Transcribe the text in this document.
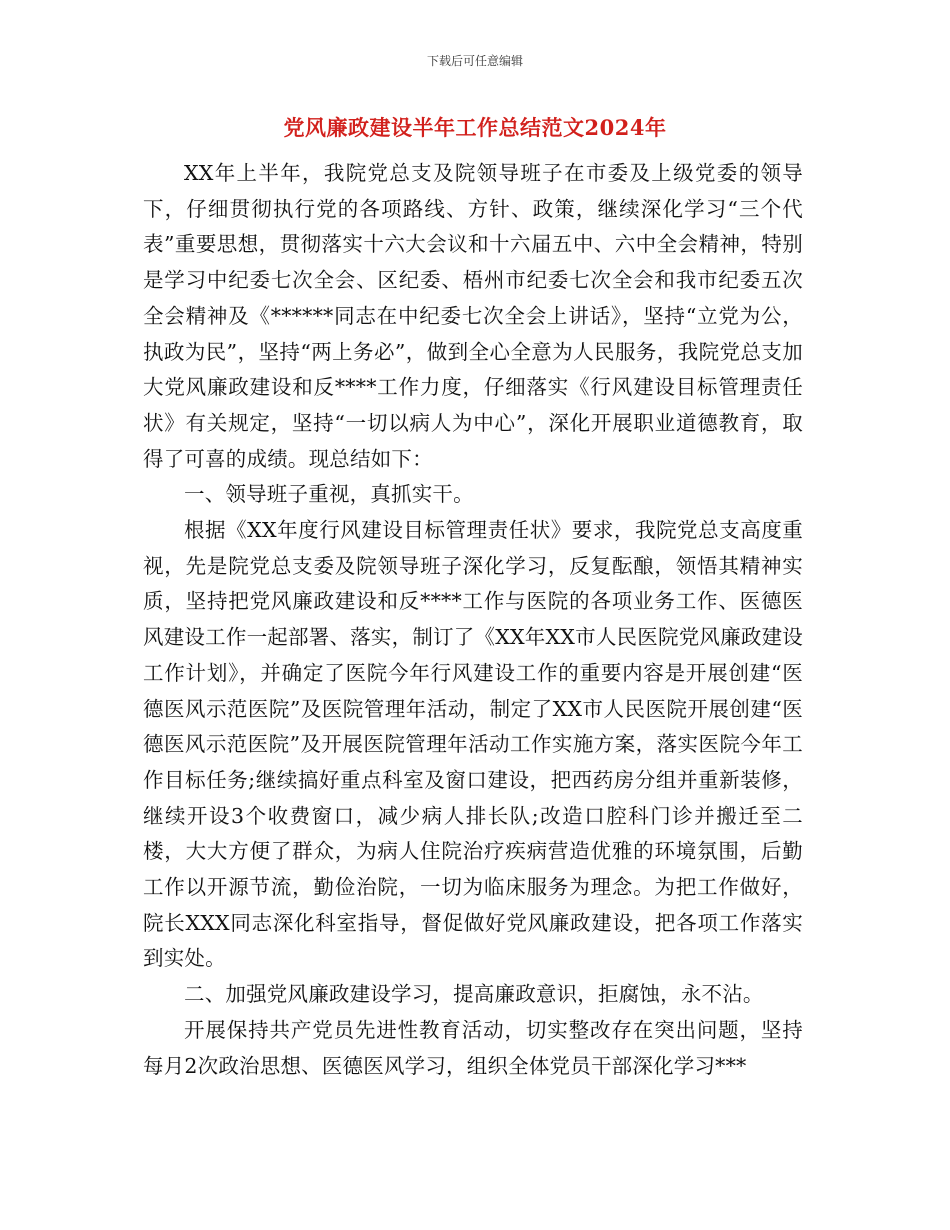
下载后可任意编辑
党风廉政建设半年工作总结范文2024年

XX年上半年，我院党总支及院领导班子在市委及上级党委的领导下，仔细贯彻执行党的各项路线、方针、政策，继续深化学习“三个代表”重要思想，贯彻落实十六大会议和十六届五中、六中全会精神，特别是学习中纪委七次全会、区纪委、梧州市纪委七次全会和我市纪委五次全会精神及《******同志在中纪委七次全会上讲话》，坚持“立党为公，执政为民”，坚持“两上务必”，做到全心全意为人民服务，我院党总支加大党风廉政建设和反****工作力度，仔细落实《行风建设目标管理责任状》有关规定，坚持“一切以病人为中心”，深化开展职业道德教育，取得了可喜的成绩。现总结如下：

一、领导班子重视，真抓实干。

根据《XX年度行风建设目标管理责任状》要求，我院党总支高度重视，先是院党总支委及院领导班子深化学习，反复酝酿，领悟其精神实质，坚持把党风廉政建设和反****工作与医院的各项业务工作、医德医风建设工作一起部署、落实，制订了《XX年XX市人民医院党风廉政建设工作计划》，并确定了医院今年行风建设工作的重要内容是开展创建“医德医风示范医院”及医院管理年活动，制定了XX市人民医院开展创建“医德医风示范医院”及开展医院管理年活动工作实施方案，落实医院今年工作目标任务;继续搞好重点科室及窗口建设，把西药房分组并重新装修，继续开设3个收费窗口，减少病人排长队;改造口腔科门诊并搬迁至二楼，大大方便了群众，为病人住院治疗疾病营造优雅的环境氛围，后勤工作以开源节流，勤俭治院，一切为临床服务为理念。为把工作做好，院长XXX同志深化科室指导，督促做好党风廉政建设，把各项工作落实到实处。

二、加强党风廉政建设学习，提高廉政意识，拒腐蚀，永不沾。

开展保持共产党员先进性教育活动，切实整改存在突出问题，坚持每月2次政治思想、医德医风学习，组织全体党员干部深化学习***
